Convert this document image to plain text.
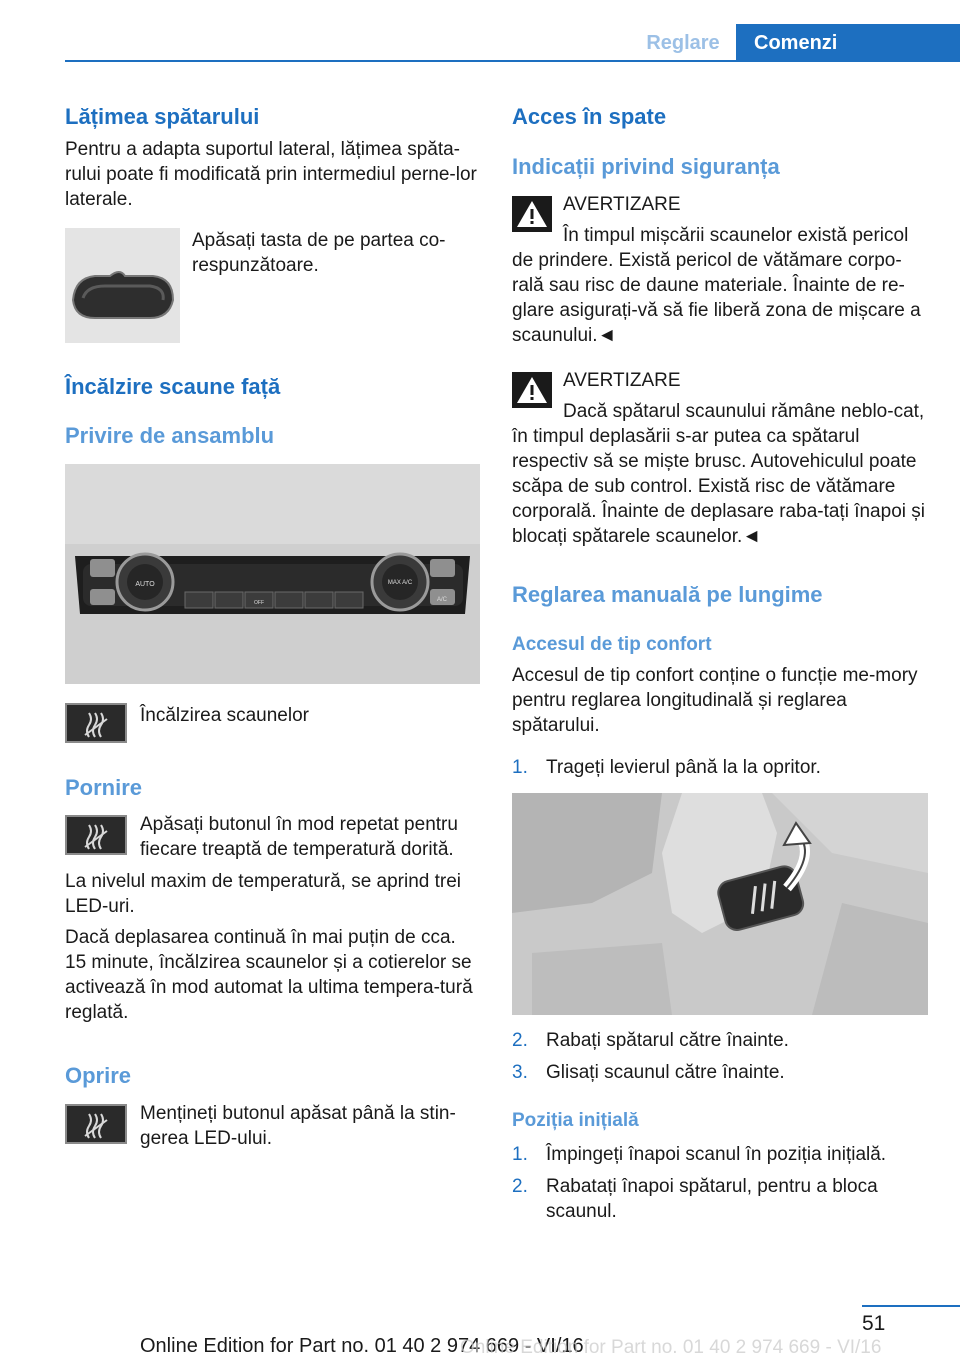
Reglare	Comenzi
Lățimea spătarului
Pentru a adapta suportul lateral, lățimea spăta-rului poate fi modificată prin intermediul perne-lor laterale.
Apăsați tasta de pe partea co-respunzătoare.
Încălzire scaune față
Privire de ansamblu
AUTO	MAX A/C
A/C
OFF
Încălzirea scaunelor
Pornire
Apăsați butonul în mod repetat pentru fiecare treaptă de temperatură dorită.
La nivelul maxim de temperatură, se aprind trei LED-uri.
Dacă deplasarea continuă în mai puțin de cca. 15 minute, încălzirea scaunelor și a cotierelor se activează în mod automat la ultima tempera-tură reglată.
Oprire
Mențineți butonul apăsat până la stin-gerea LED-ului.
Acces în spate
Indicații privind siguranța
AVERTIZARE
În timpul mișcării scaunelor există pericol de prindere. Există pericol de vătămare corpo-rală sau risc de daune materiale. Înainte de re-glare asigurați-vă să fie liberă zona de mișcare a scaunului.◄
AVERTIZARE
Dacă spătarul scaunului rămâne neblo-cat, în timpul deplasării s-ar putea ca spătarul respectiv să se miște brusc. Autovehiculul poate scăpa de sub control. Există risc de vătămare corporală. Înainte de deplasare raba-tați înapoi și blocați spătarele scaunelor.◄
Reglarea manuală pe lungime
Accesul de tip confort
Accesul de tip confort conține o funcție me-mory pentru reglarea longitudinală și reglarea spătarului.
1. Trageți levierul până la la opritor.
2. Rabați spătarul către înainte.
3. Glisați scaunul către înainte.
Poziția inițială
1. Împingeți înapoi scanul în poziția inițială.
2. Rabatați înapoi spătarul, pentru a bloca scaunul.
51
Online Edition for Part no. 01 40 2 974 669 - VI/16
Online Edition for Part no. 01 40 2 974 669 - VI/16
